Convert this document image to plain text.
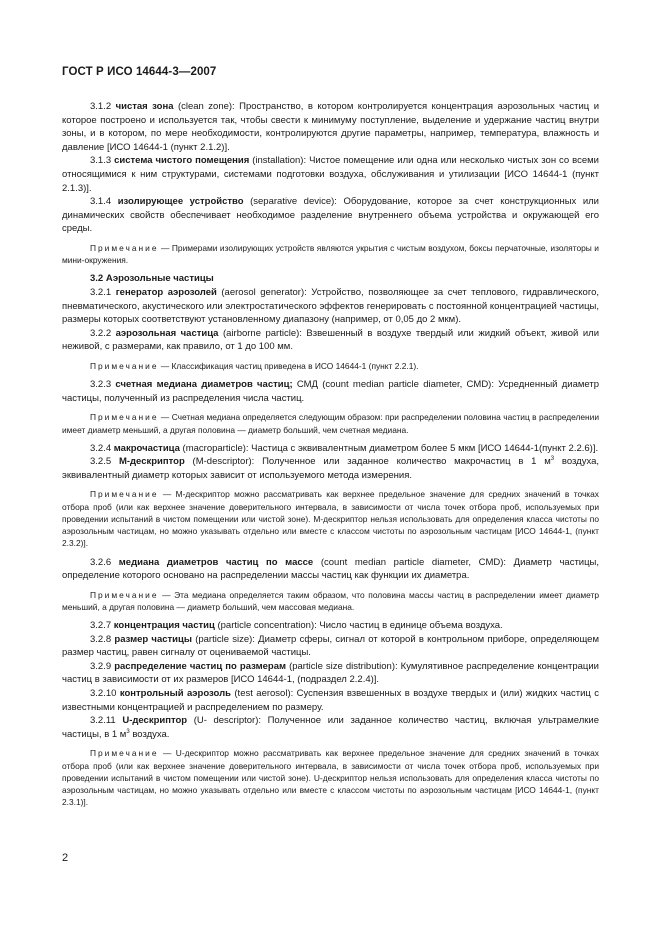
ГОСТ Р ИСО 14644-3—2007

3.1.2 чистая зона (clean zone): Пространство, в котором контролируется концентрация аэрозольных частиц и которое построено и используется так, чтобы свести к минимуму поступление, выделение и удержание частиц внутри зоны, и в котором, по мере необходимости, контролируются другие параметры, например, температура, влажность и давление [ИСО 14644-1 (пункт 2.1.2)].

3.1.3 система чистого помещения (installation): Чистое помещение или одна или несколько чистых зон со всеми относящимися к ним структурами, системами подготовки воздуха, обслуживания и утилизации [ИСО 14644-1 (пункт 2.1.3)].

3.1.4 изолирующее устройство (separative device): Оборудование, которое за счет конструкционных или динамических свойств обеспечивает необходимое разделение внутреннего объема устройства и окружающей его среды.

Примечание — Примерами изолирующих устройств являются укрытия с чистым воздухом, боксы перчаточные, изоляторы и мини-окружения.

3.2 Аэрозольные частицы

3.2.1 генератор аэрозолей (aerosol generator): Устройство, позволяющее за счет теплового, гидравлического, пневматического, акустического или электростатического эффектов генерировать с постоянной концентрацией частицы, размеры которых соответствуют установленному диапазону (например, от 0,05 до 2 мкм).

3.2.2 аэрозольная частица (airborne particle): Взвешенный в воздухе твердый или жидкий объект, живой или неживой, с размерами, как правило, от 1 до 100 мм.

Примечание — Классификация частиц приведена в ИСО 14644-1 (пункт 2.2.1).

3.2.3 счетная медиана диаметров частиц; СМД (count median particle diameter, CMD): Усредненный диаметр частицы, полученный из распределения числа частиц.

Примечание — Счетная медиана определяется следующим образом: при распределении половина частиц в распределении имеет диаметр меньший, а другая половина — диаметр больший, чем счетная медиана.

3.2.4 макрочастица (macroparticle): Частица с эквивалентным диаметром более 5 мкм [ИСО 14644-1(пункт 2.2.6)].

3.2.5 М-дескриптор (M-descriptor): Полученное или заданное количество макрочастиц в 1 $м^3$ воздуха, эквивалентный диаметр которых зависит от используемого метода измерения.

Примечание — М-дескриптор можно рассматривать как верхнее предельное значение для средних значений в точках отбора проб (или как верхнее значение доверительного интервала, в зависимости от числа точек отбора проб, используемых при проведении испытаний в чистом помещении или чистой зоне). М-дескриптор нельзя использовать для определения класса чистоты по аэрозольным частицам, но можно указывать отдельно или вместе с классом чистоты по аэрозольным частицам [ИСО 14644-1, (пункт 2.3.2)].

3.2.6 медиана диаметров частиц по массе (count median particle diameter, CMD): Диаметр частицы, определение которого основано на распределении массы частиц как функции их диаметра.

Примечание — Эта медиана определяется таким образом, что половина массы частиц в распределении имеет диаметр меньший, а другая половина — диаметр больший, чем массовая медиана.

3.2.7 концентрация частиц (particle concentration): Число частиц в единице объема воздуха.

3.2.8 размер частицы (particle size): Диаметр сферы, сигнал от которой в контрольном приборе, определяющем размер частиц, равен сигналу от оцениваемой частицы.

3.2.9 распределение частиц по размерам (particle size distribution): Кумулятивное распределение концентрации частиц в зависимости от их размеров [ИСО 14644-1, (подраздел 2.2.4)].

3.2.10 контрольный аэрозоль (test aerosol): Суспензия взвешенных в воздухе твердых и (или) жидких частиц с известными концентрацией и распределением по размеру.

3.2.11 U-дескриптор (U- descriptor): Полученное или заданное количество частиц, включая ультрамелкие частицы, в 1 $м^3$ воздуха.

Примечание — U-дескриптор можно рассматривать как верхнее предельное значение для средних значений в точках отбора проб (или как верхнее значение доверительного интервала, в зависимости от числа точек отбора проб, используемых при проведении испытаний в чистом помещении или чистой зоне). U-дескриптор нельзя использовать для определения класса чистоты по аэрозольным частицам, но можно указывать отдельно или вместе с классом чистоты по аэрозольным частицам [ИСО 14644-1, (пункт 2.3.1)].

2
